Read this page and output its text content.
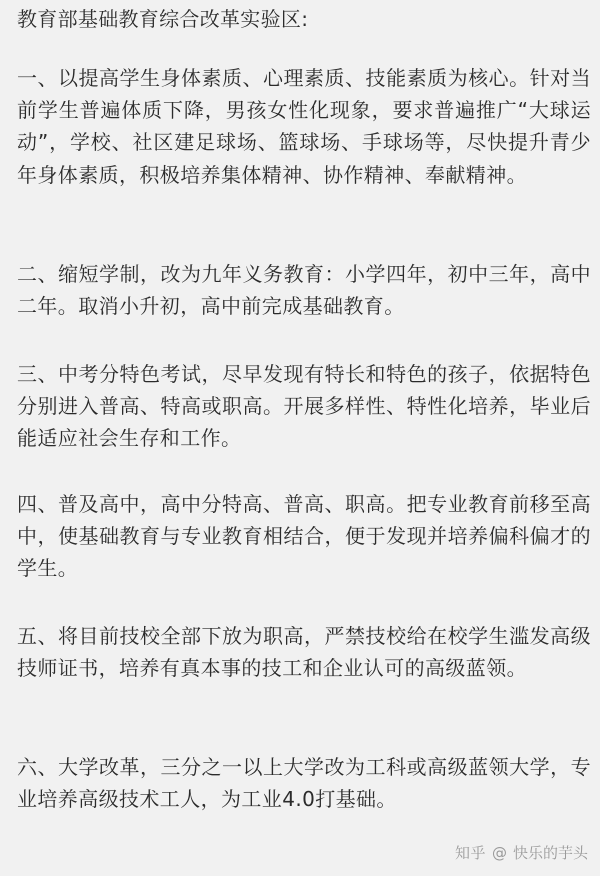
教育部基础教育综合改革实验区:

一、以提高学生身体素质、心理素质、技能素质为核心。针对当前学生普遍体质下降，男孩女性化现象，要求普遍推广“大球运动”，学校、社区建足球场、篮球场、手球场等，尽快提升青少年身体素质，积极培养集体精神、协作精神、奉献精神。

二、缩短学制，改为九年义务教育：小学四年，初中三年，高中二年。取消小升初，高中前完成基础教育。

三、中考分特色考试，尽早发现有特长和特色的孩子，依据特色分别进入普高、特高或职高。开展多样性、特性化培养，毕业后能适应社会生存和工作。

四、普及高中，高中分特高、普高、职高。把专业教育前移至高中，使基础教育与专业教育相结合，便于发现并培养偏科偏才的学生。

五、将目前技校全部下放为职高，严禁技校给在校学生滥发高级技师证书，培养有真本事的技工和企业认可的高级蓝领。

六、大学改革，三分之一以上大学改为工科或高级蓝领大学，专业培养高级技术工人，为工业4.0打基础。

知乎 @ 快乐的芋头
